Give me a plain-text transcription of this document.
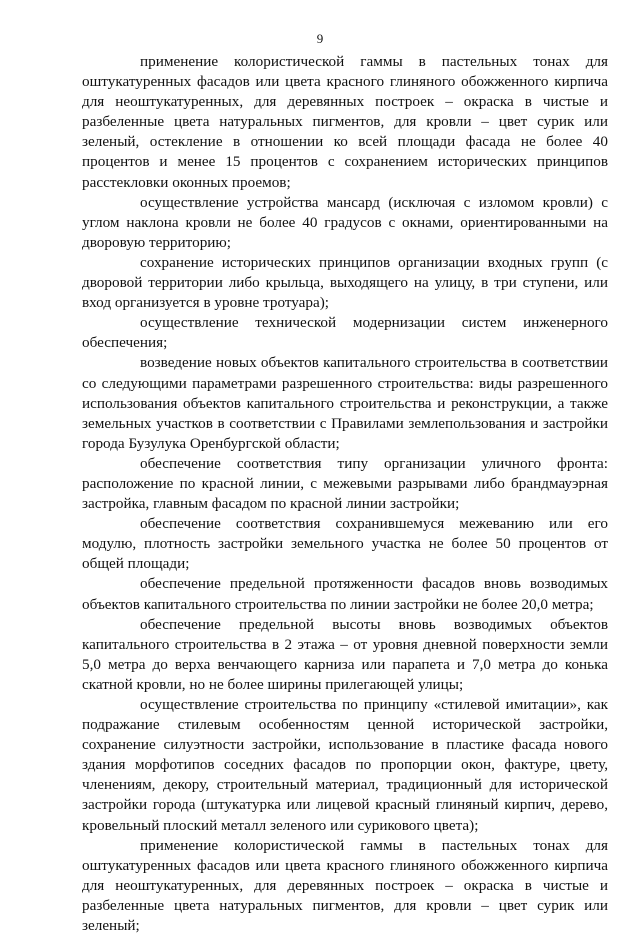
9

применение колористической гаммы в пастельных тонах для оштукатуренных фасадов или цвета красного глиняного обожженного кирпича для неоштукатуренных, для деревянных построек – окраска в чистые и разбеленные цвета натуральных пигментов, для кровли – цвет сурик или зеленый, остекление в отношении ко всей площади фасада не более 40 процентов и менее 15 процентов с сохранением исторических принципов расстекловки оконных проемов;

осуществление устройства мансард (исключая с изломом кровли) с углом наклона кровли не более 40 градусов с окнами, ориентированными на дворовую территорию;

сохранение исторических принципов организации входных групп (с дворовой территории либо крыльца, выходящего на улицу, в три ступени, или вход организуется в уровне тротуара);

осуществление технической модернизации систем инженерного обеспечения;

возведение новых объектов капитального строительства в соответствии со следующими параметрами разрешенного строительства: виды разрешенного использования объектов капитального строительства и реконструкции, а также земельных участков в соответствии с Правилами землепользования и застройки города Бузулука Оренбургской области;

обеспечение соответствия типу организации уличного фронта: расположение по красной линии, с межевыми разрывами либо брандмауэрная застройка, главным фасадом по красной линии застройки;

обеспечение соответствия сохранившемуся межеванию или его модулю, плотность застройки земельного участка не более 50 процентов от общей площади;

обеспечение предельной протяженности фасадов вновь возводимых объектов капитального строительства по линии застройки не более 20,0 метра;

обеспечение предельной высоты вновь возводимых объектов капитального строительства в 2 этажа – от уровня дневной поверхности земли 5,0 метра до верха венчающего карниза или парапета и 7,0 метра до конька скатной кровли, но не более ширины прилегающей улицы;

осуществление строительства по принципу «стилевой имитации», как подражание стилевым особенностям ценной исторической застройки, сохранение силуэтности застройки, использование в пластике фасада нового здания морфотипов соседних фасадов по пропорции окон, фактуре, цвету, членениям, декору, строительный материал, традиционный для исторической застройки города (штукатурка или лицевой красный глиняный кирпич, дерево, кровельный плоский металл зеленого или сурикового цвета);

применение колористической гаммы в пастельных тонах для оштукатуренных фасадов или цвета красного глиняного обожженного кирпича для неоштукатуренных, для деревянных построек – окраска в чистые и разбеленные цвета натуральных пигментов, для кровли – цвет сурик или зеленый;
